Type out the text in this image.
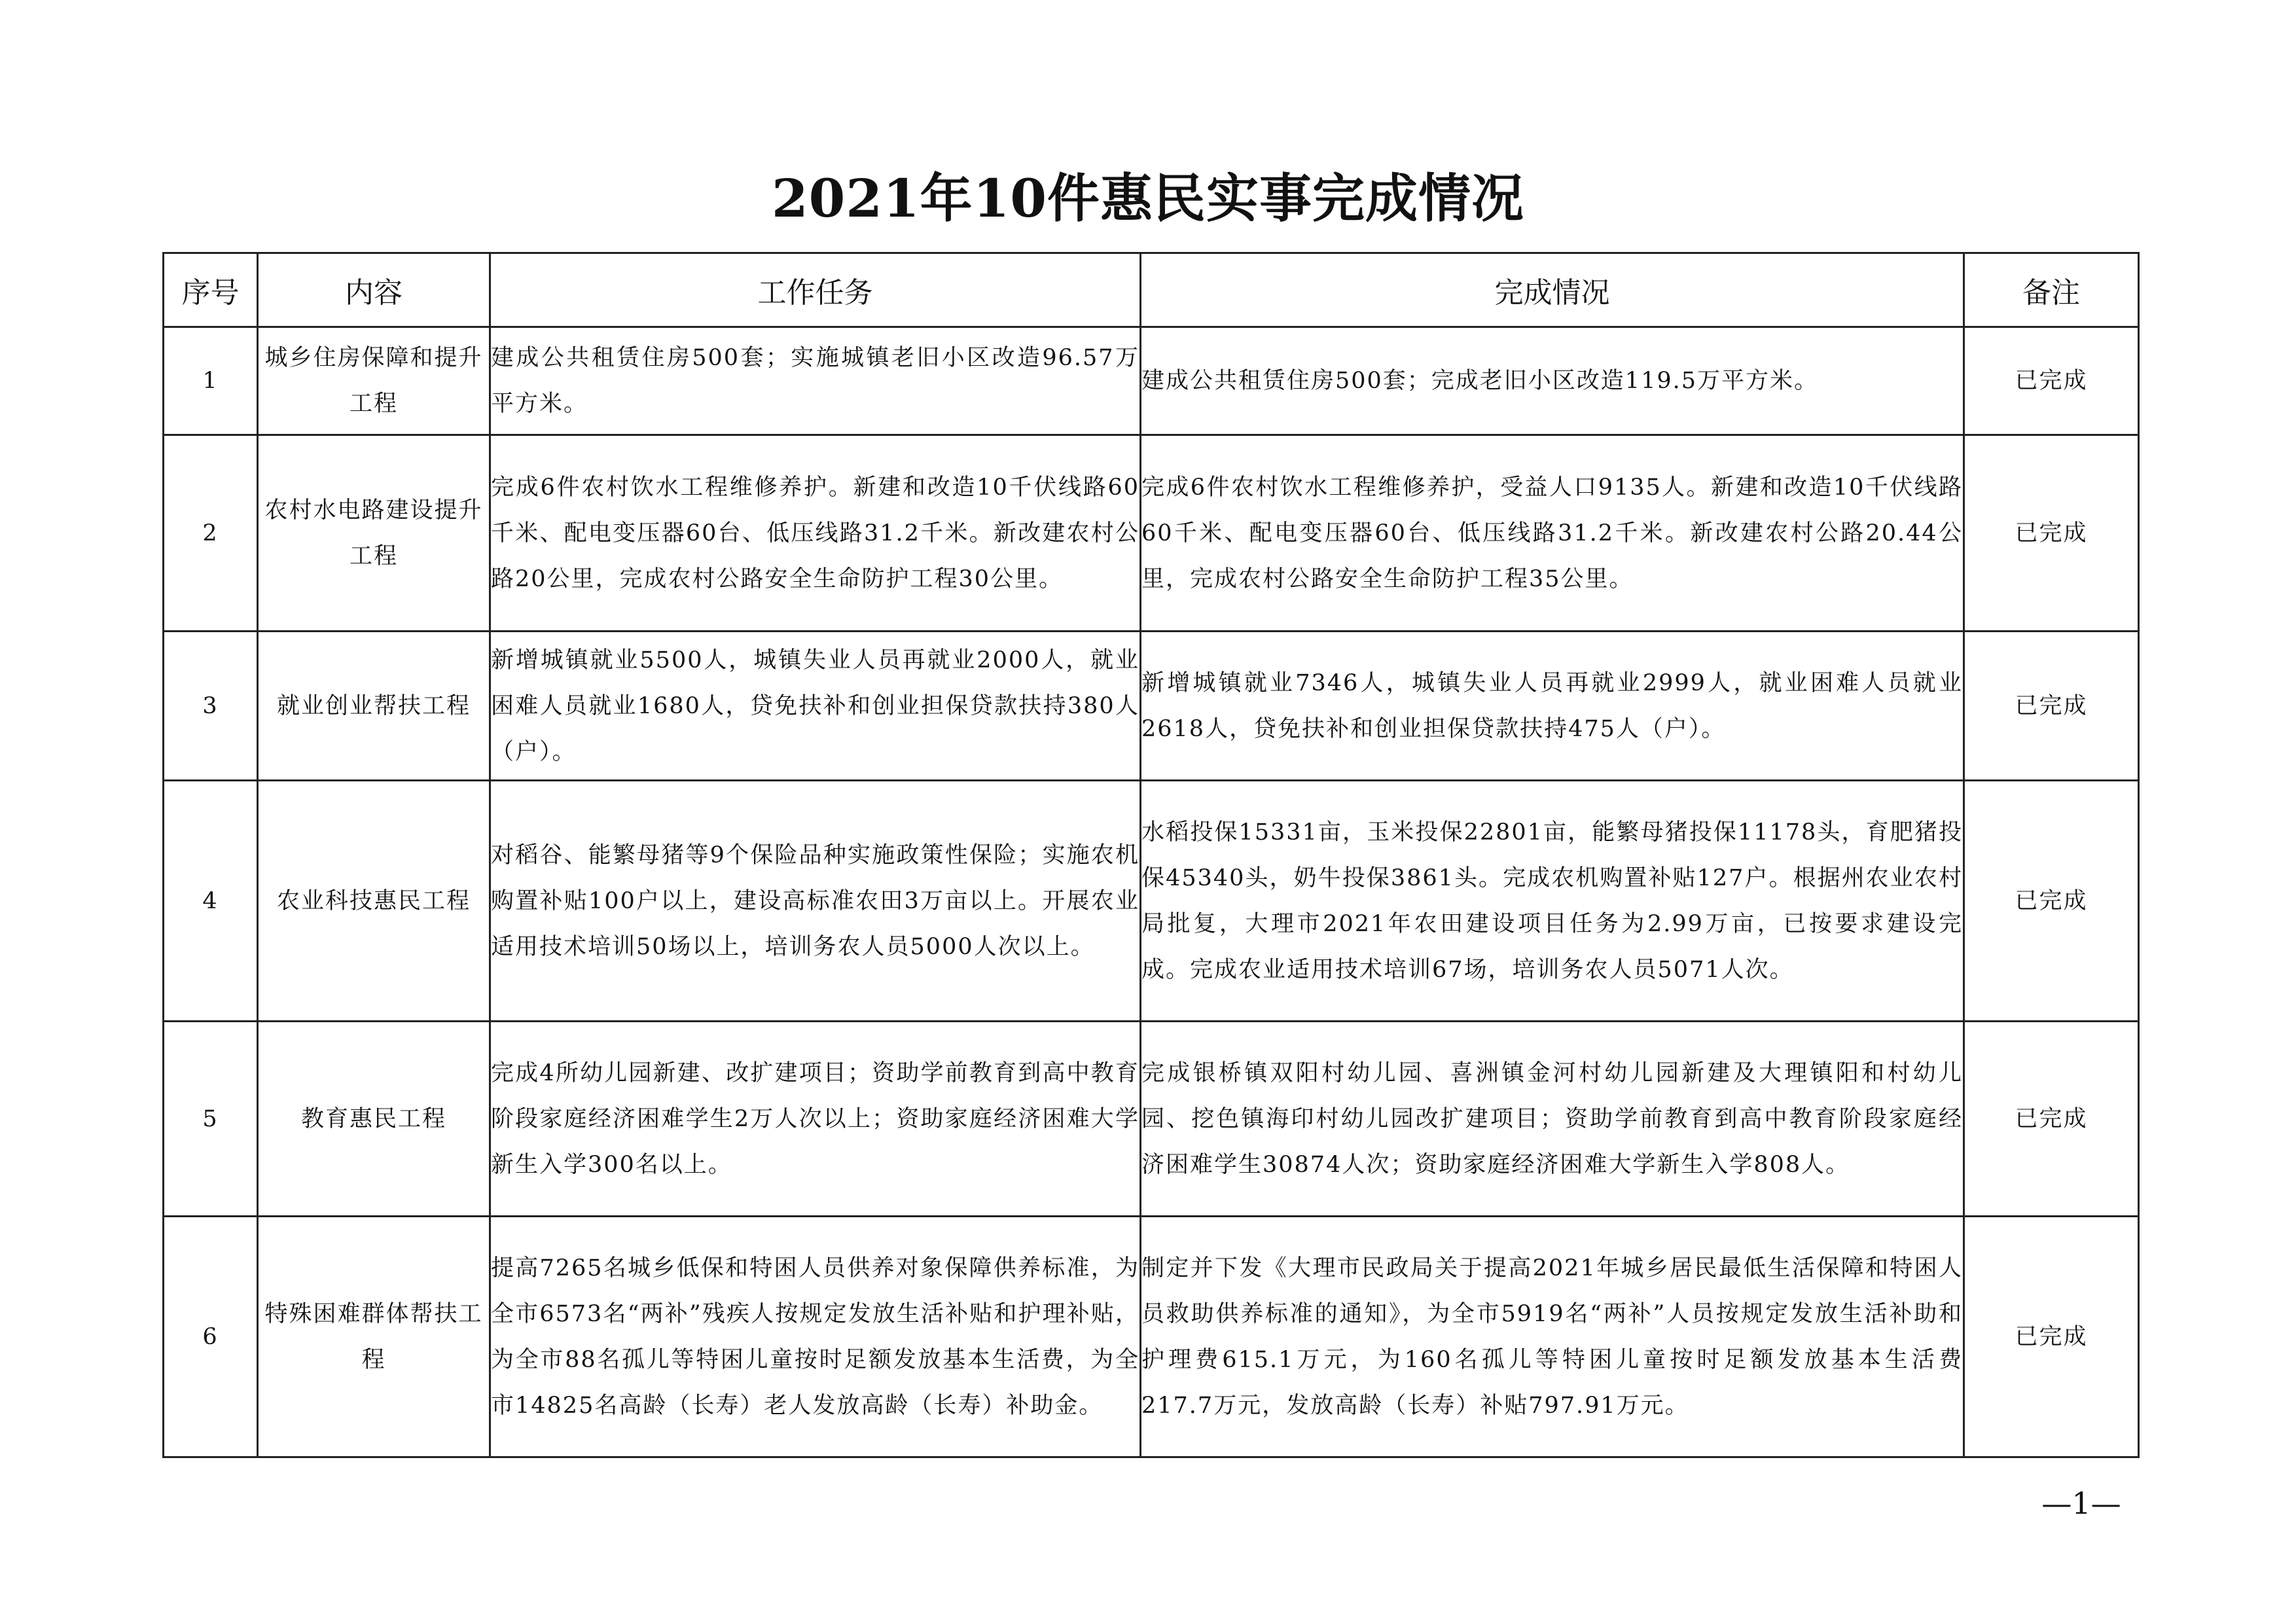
2021年10件惠民实事完成情况
序号	内容	工作任务	完成情况	备注
1	城乡住房保障和提升工程	建成公共租赁住房500套；实施城镇老旧小区改造96.57万平方米。	建成公共租赁住房500套；完成老旧小区改造119.5万平方米。	已完成
2	农村水电路建设提升工程	完成6件农村饮水工程维修养护。新建和改造10千伏线路60千米、配电变压器60台、低压线路31.2千米。新改建农村公路20公里，完成农村公路安全生命防护工程30公里。	完成6件农村饮水工程维修养护，受益人口9135人。新建和改造10千伏线路60千米、配电变压器60台、低压线路31.2千米。新改建农村公路20.44公里，完成农村公路安全生命防护工程35公里。	已完成
3	就业创业帮扶工程	新增城镇就业5500人，城镇失业人员再就业2000人，就业困难人员就业1680人，贷免扶补和创业担保贷款扶持380人（户）。	新增城镇就业7346人，城镇失业人员再就业2999人，就业困难人员就业2618人，贷免扶补和创业担保贷款扶持475人（户）。	已完成
4	农业科技惠民工程	对稻谷、能繁母猪等9个保险品种实施政策性保险；实施农机购置补贴100户以上，建设高标准农田3万亩以上。开展农业适用技术培训50场以上，培训务农人员5000人次以上。	水稻投保15331亩，玉米投保22801亩，能繁母猪投保11178头，育肥猪投保45340头，奶牛投保3861头。完成农机购置补贴127户。根据州农业农村局批复，大理市2021年农田建设项目任务为2.99万亩，已按要求建设完成。完成农业适用技术培训67场，培训务农人员5071人次。	已完成
5	教育惠民工程	完成4所幼儿园新建、改扩建项目；资助学前教育到高中教育阶段家庭经济困难学生2万人次以上；资助家庭经济困难大学新生入学300名以上。	完成银桥镇双阳村幼儿园、喜洲镇金河村幼儿园新建及大理镇阳和村幼儿园、挖色镇海印村幼儿园改扩建项目；资助学前教育到高中教育阶段家庭经济困难学生30874人次；资助家庭经济困难大学新生入学808人。	已完成
6	特殊困难群体帮扶工程	提高7265名城乡低保和特困人员供养对象保障供养标准，为全市6573名“两补”残疾人按规定发放生活补贴和护理补贴，为全市88名孤儿等特困儿童按时足额发放基本生活费，为全市14825名高龄（长寿）老人发放高龄（长寿）补助金。	制定并下发《大理市民政局关于提高2021年城乡居民最低生活保障和特困人员救助供养标准的通知》，为全市5919名“两补”人员按规定发放生活补助和护理费615.1万元，为160名孤儿等特困儿童按时足额发放基本生活费217.7万元，发放高龄（长寿）补贴797.91万元。	已完成
—1—
